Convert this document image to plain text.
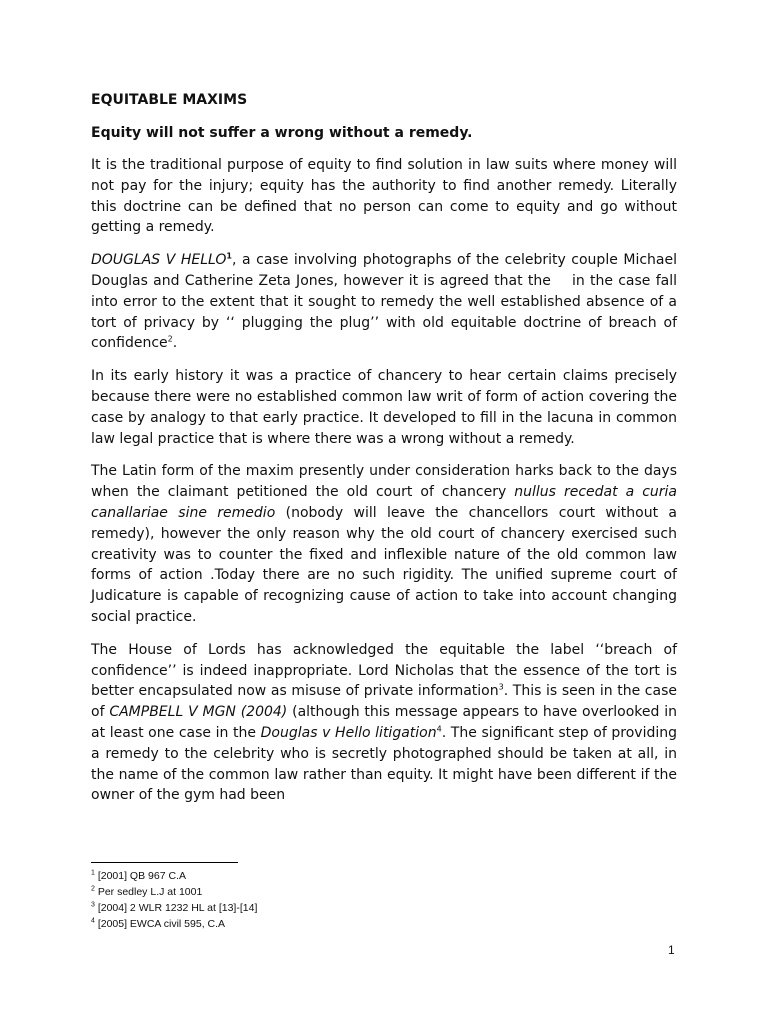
EQUITABLE MAXIMS
Equity will not suffer a wrong without a remedy.

It is the traditional purpose of equity to find solution in law suits where money will not pay for the injury; equity has the authority to find another remedy. Literally this doctrine can be defined that no person can come to equity and go without getting a remedy.

DOUGLAS V HELLO$^1$, a case involving photographs of the celebrity couple Michael Douglas and Catherine Zeta Jones, however it is agreed that the    in the case fall into error to the extent that it sought to remedy the well established absence of a tort of privacy by ‘‘ plugging the plug’’ with old equitable doctrine of breach of confidence$^2$.

In its early history it was a practice of chancery to hear certain claims precisely because there were no established common law writ of form of action covering the case by analogy to that early practice. It developed to fill in the lacuna in common law legal practice that is where there was a wrong without a remedy.

The Latin form of the maxim presently under consideration harks back to the days when the claimant petitioned the old court of chancery nullus recedat a curia canallariae sine remedio (nobody will leave the chancellors court without a remedy), however the only reason why the old court of chancery exercised such creativity was to counter the fixed and inflexible nature of the old common law forms of action .Today there are no such rigidity. The unified supreme court of Judicature is capable of recognizing cause of action to take into account changing social practice.

The House of Lords has acknowledged the equitable the label ‘‘breach of confidence’’ is indeed inappropriate. Lord Nicholas that the essence of the tort is better encapsulated now as misuse of private information$^3$. This is seen in the case of CAMPBELL V MGN (2004) (although this message appears to have overlooked in at least one case in the Douglas v Hello litigation$^4$. The significant step of providing a remedy to the celebrity who is secretly photographed should be taken at all, in the name of the common law rather than equity. It might have been different if the owner of the gym had been

$^1$ [2001] QB 967 C.A
$^2$ Per sedley L.J at 1001
$^3$ [2004] 2 WLR 1232 HL at [13]-[14]
$^4$ [2005] EWCA civil 595, C.A
1
